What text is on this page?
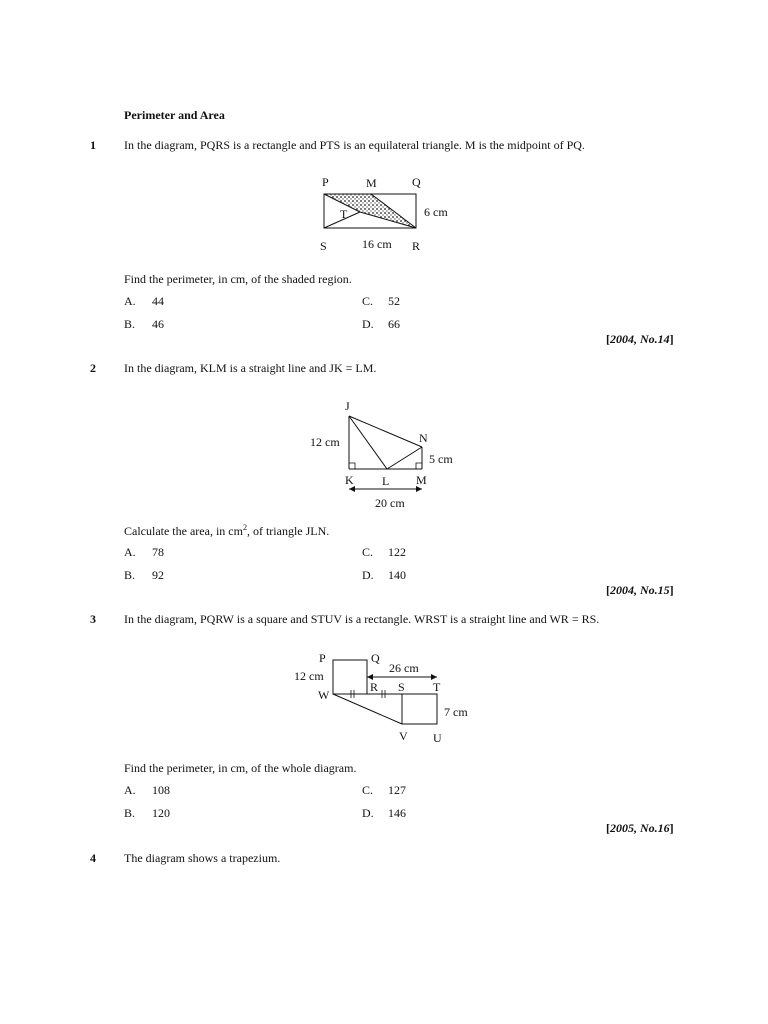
Perimeter and Area
1 In the diagram, PQRS is a rectangle and PTS is an equilateral triangle. M is the midpoint of PQ.
P	M	Q
T
S	R
6 cm
16 cm
Find the perimeter, in cm, of the shaded region.
A. 44
B. 46
C. 52
D. 66
[2004, No.14]
2 In the diagram, KLM is a straight line and JK = LM.
J
N
K L M
12 cm
5 cm
20 cm
Calculate the area, in $cm^2$, of triangle JLN.
A. 78
B. 92
C. 122
D. 140
[2004, No.15]
3 In the diagram, PQRW is a square and STUV is a rectangle. WRST is a straight line and WR = RS.
P	Q
W
R S T
V U
12 cm
26 cm
7 cm
Find the perimeter, in cm, of the whole diagram.
A. 108
B. 120
C. 127
D. 146
[2005, No.16]
4 The diagram shows a trapezium.
